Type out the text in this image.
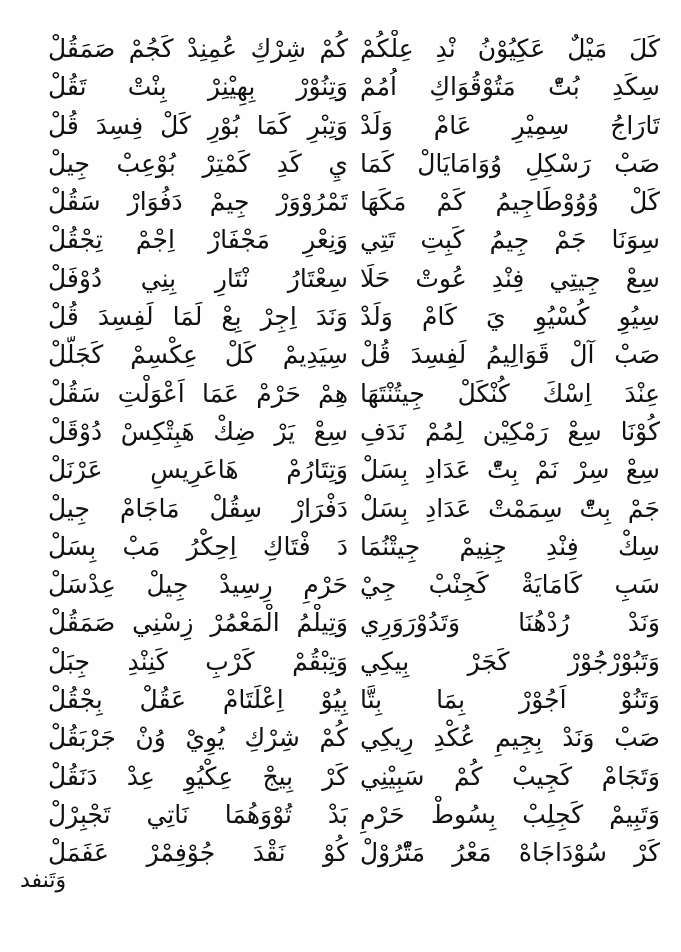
كَلَ مَيْلٌ عَكِيُوْنُ نْدِ عِلْكُمْ
سِكَدِ بُتّْ مَتُوْقُوَاكِ اُمُمْ
تَارَاجُ سِمِيْرِ عَامْ وَلَدْ
صَبْ رَسْكِلِ وُوَامَايَالْ كَمَا
كَلْ وُوُوْطَاجِيمُ كَمْ مَكَهَا
سِوَنَا جَمْ جِيمُ كَبِتِ تَتِي
سِعْ جِيتِي فِنْدِ عُوتْ حَلَا
سِيُوِ كُسْيُوِ يَ كَامْ وَلَدْ
صَبْ آلْ قَوَالِيمُ لَفِسِدَ قُلْ
عِنْدَ اِسْكَ كُنْكَلْ جِيتُنْتَهَا
كُوْنَا سِعْ رَمْكِيْن لِمُمْ نَدَفِ
سِعْ سِرْ نَمْ بِتّْ عَدَادِ بِسَلْ
جَمْ بِتّْ سِمَمْتْ عَدَادِ بِسَلْ
سِكْ فِنْدِ جِنِيمْ جِيتْنُمَا
سَبِ كَامَايَةْ كَجِنْبْ جِيْ
وَنَدْ رُدْهُنَا وَتَدُوْرَوَرِي
وَتَبُوْرْجُوْرْ كَجَرْ بِيكِي
وَتَنُوْ اَجُوْرْ بِمَا بِتَّا
صَبْ وَنَدْ بِجِيمِ عُكْدِ رِيكِي
وَتَجَامْ كَجِيبْ كُمْ سَبِيْنِي
وَتَبِيمْ كَجِلِبْ بِسُوطْ حَرْمِ
كَرْ سُوْدَاجَاهْ مَعْرُ مَتّْرُوْلْ
كُمْ شِرْكِ عُمِنِدْ كَجُمْ صَمَقُلْ
وَتِنُوْرْ بِهِيْنِرْ بِنْتْ تَقُلْ
وَتِبْرِ كَمَا بُوْرِ كَلْ فِسِدَ قُلْ
يِ كَدِ كَمْتِرْ بُوْعِبْ جِيلْ
تَمْرُوْوَرْ جِيمْ دَفُوَارْ سَقُلْ
وَنِعْرِ مَجْفَارْ اِجْمْ تِجْقُلْ
سِعْتَارُ نْتَارِ بِنِي دُوْفَلْ
وَنَدَ اِجِرْ بِعْ لَمَا لَفِسِدَ قُلْ
سِيَدِيمْ كَلْ عِكْسِمْ كَجَلَّلْ
هِمْ حَرْمْ عَمَا اَعْوَلْتِ سَقُلْ
سِعْ يَرْ ضِكْ هَبِتْكِسْ دُوْقَلْ
وَتِتَارُمْ هَاعَرِيسِ عَرْنَلْ
دَفْرَارْ سِقُلْ مَاجَامْ جِيلْ
دَ فْتَاكِ اِحِكْرُ مَبْ بِسَلْ
حَرْمِ رِسِيدْ جِيلْ عِدْسَلْ
وَتِيلْمُ الْمَعْمُرْ زِسْنِي صَمَقُلْ
وَتِبْقُمْ كَرْبِ كَنِنْدِ جِبَلْ
بِيُوْ اِعْلَتَامْ عَقُلْ بِجْقُلْ
كُمْ شِرْكِ يُوِيْ وُنْ جَرْبَقُلْ
كَرْ بِيجْ عِكْيُوِ عِدْ دَنَقُلْ
بَدْ تُوْوَهُمَا نَاتِي تَجْبِرْلْ
كُوْ نَقْدَ جُوْفِمْرْ عَفَمَلْ
وَتَنفد
